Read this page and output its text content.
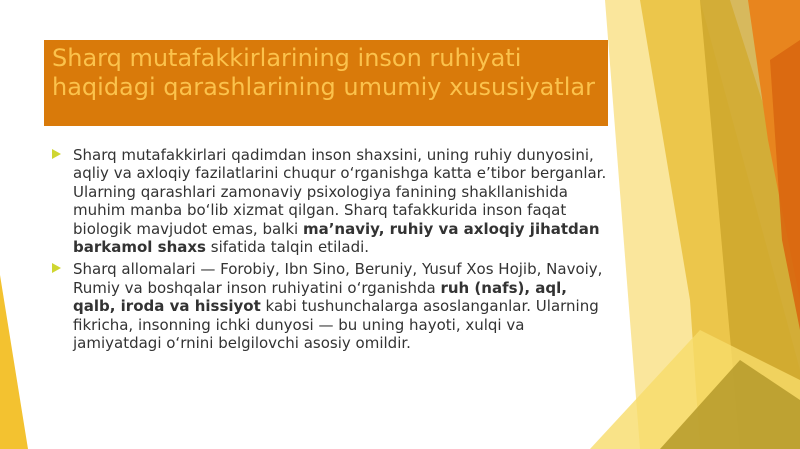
Sharq mutafakkirlarining inson ruhiyati haqidagi qarashlarining umumiy xususiyatlar
Sharq mutafakkirlari qadimdan inson shaxsini, uning ruhiy dunyosini, aqliy va axloqiy fazilatlarini chuqur o‘rganishga katta e’tibor berganlar. Ularning qarashlari zamonaviy psixologiya fanining shakllanishida muhim manba bo‘lib xizmat qilgan. Sharq tafakkurida inson faqat biologik mavjudot emas, balki ma’naviy, ruhiy va axloqiy jihatdan barkamol shaxs sifatida talqin etiladi.
Sharq allomalari — Forobiy, Ibn Sino, Beruniy, Yusuf Xos Hojib, Navoiy, Rumiy va boshqalar inson ruhiyatini o‘rganishda ruh (nafs), aql, qalb, iroda va hissiyot kabi tushunchalarga asoslanganlar. Ularning fikricha, insonning ichki dunyosi — bu uning hayoti, xulqi va jamiyatdagi o‘rnini belgilovchi asosiy omildir.
